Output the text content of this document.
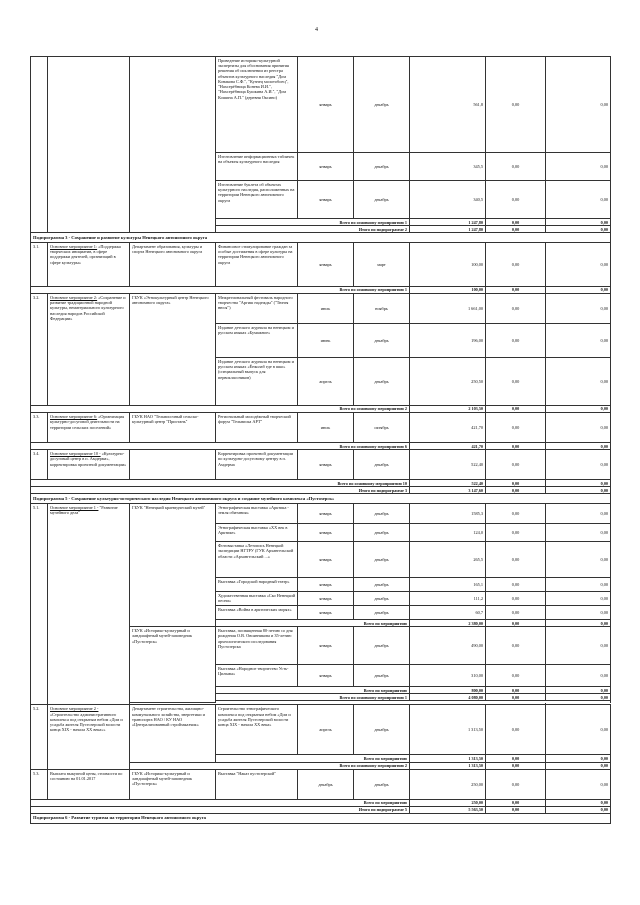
4
			Проведение историко-культурной экспертизы для обоснования принятия решения об исключении из реестра объектов культурного наследия "Дом Конакова С.Ф.", "Кузнец молотобоец", "Нахсерёбница Конева И.И.", "Нахсерёбница Бушкина А.И.", "Дом Кошина А.П." (деревня Оксино)	январь	декабрь	561,8	0,00	0,00
			Изготовление информационных табличек на объекты культурного наследия	январь	декабрь	345,5	0,00	0,00
			Изготовление буклета об объектах культурного наследия, расположенных на территории Ненецкого автономного округа	январь	декабрь	340,5	0,00	0,00
			Всего по основному мероприятию 1			1 247,80	0,00	0,00
			Итого по подпрограмме 2			1 247,80	0,00	0,00
Подпрограмма 3 - Сохранение и развитие культуры Ненецкого автономного округа								
3.1.	Основное мероприятие 1: «Поддержка творческих инициатив, в сфере поддержки деятелей, организаций в сфере культуры»	Департамент образования, культуры и спорта Ненецкого автономного округа	Финансовое стимулирование граждан за особые достижения в сфере культуры на территории Ненецкого автономного округа	январь	март	100,00	0,00	0,00
Всего по основному мероприятию 1						100,00	0,00	0,00
3.2.	Основное мероприятие 2: «Сохранение и развитие традиционной народной культуры, нематериального культурного наследия народов Российской Федерации»	ГБУК «Этнокультурный центр Ненецкого автономного округа»	Межрегиональный фестиваль народного творчества "Аргиш надежды" ("Тюнгя нюся")	июль	ноябрь	1 661,00	0,00	0,00
			Издание детского журнала на ненецком и русском языках «Бумажное»	июнь	декабрь	196,00	0,00	0,00
			Издание детского журнала на ненецком и русском языках «Ёнколаб еде в шко» (специальный выпуск для первоклассников)	апрель	декабрь	250,50	0,00	0,00
Всего по основному мероприятию 2						2 103,50	0,00	0,00
3.3.	Основное мероприятие 6: «Организация культурно-досуговой деятельности на территории сельских поселений»	ГБУК НАО "Тельвисочный сельско-культурный центр "Пристань"	Региональный молодёжный творческий форум "Тельвиска АРТ"	июль	октябрь	421,70	0,00	0,00
Всего по основному мероприятию 6						421,70	0,00	0,00
3.4.	Основное мероприятие 10 - «Культурно-досуговый центр в п. Амдерма», корректировка проектной документации»		Корректировка проектной документации по культурно-досуговому центру в п. Амдерма	январь	декабрь	522,40	0,00	0,00
Всего по основному мероприятию 10						522,40	0,00	0,00
Итого по подпрограмме 3						3 147,60	0,00	0,00
Подпрограмма 5 - Сохранение культурно-исторического наследия Ненецкого автономного округа и создание музейного комплекса «Пустозерск»								
5.1.	Основное мероприятие 1 - "Развитие музейного дела"	ГБУК "Ненецкий краеведческий музей"	Этнографическая выставка «Арктика - земля обитания»	январь	декабрь	1585,3	0,00	0,00
			Этнографическая выставка «XX век в Арктике»	январь	декабрь	124,0	0,00	0,00
			Фотовыставка «Летопись Ненецкой экспедиции НГТРУ (ГУК Архангельской области «Архангельский ...»	январь	декабрь	265,5	0,00	0,00
			Выставка «Городской народный театр»	январь	декабрь	165,1	0,00	0,00
			Художественная выставка «Ско Ненецкий песни»	январь	декабрь	111,2	0,00	0,00
			Выставка «Война в арктических морях»	январь	декабрь	60,7	0,00	0,00
			Всего по мероприятию			2 380,00	0,00	0,00
		ГБУК «Историко-культурный и ландшафтный музей-заповедник «Пустозерск»	Выставка, посвященная 80-летию со дня рождения О.В. Овсянникова и 35-летию археологического исследования Пустозерска	январь	декабрь	490,00	0,00	0,00
			Выставка «Народное творчество Усть-Цильмы»	январь	декабрь	310,00	0,00	0,00
			Всего по мероприятию			800,00	0,00	0,00
			Всего по основному мероприятию 1			4 080,00	0,00	0,00

5.2.	Основное мероприятие 2 - «Строительство административного комплекса под открытым небом «Дом и усадьба жителя Пустозерской волости конца XIX - начала XX века»»	Департамент строительства, жилищно-коммунального хозяйства, энергетики и транспорта НАО / КУ НАО «Централизованный стройзаказчик»	Строительство этнографического комплекса под открытым небом «Дом и усадьба жителя Пустозерской волости конца XIX - начала XX века»	апрель	декабрь	1 313,50	0,00	0,00
			Всего по мероприятию			1 313,50	0,00	0,00
		Всего по основному мероприятию 2				1 313,50	0,00	0,00
5.3.	Выплата выкупной цены, стоимости по состоянию на 01.01.2017	ГБУК «Историко-культурный и ландшафтный музей-заповедник «Пустозерск»	Выставка "Наказ пустозерской"	декабрь	декабрь	250,00	0,00	0,00
Всего по мероприятию						250,00	0,00	0,00
Итого по подпрограмме 5						5 563,50	0,00	0,00
Подпрограмма 6 - Развитие туризма на территории Ненецкого автономного округа								
